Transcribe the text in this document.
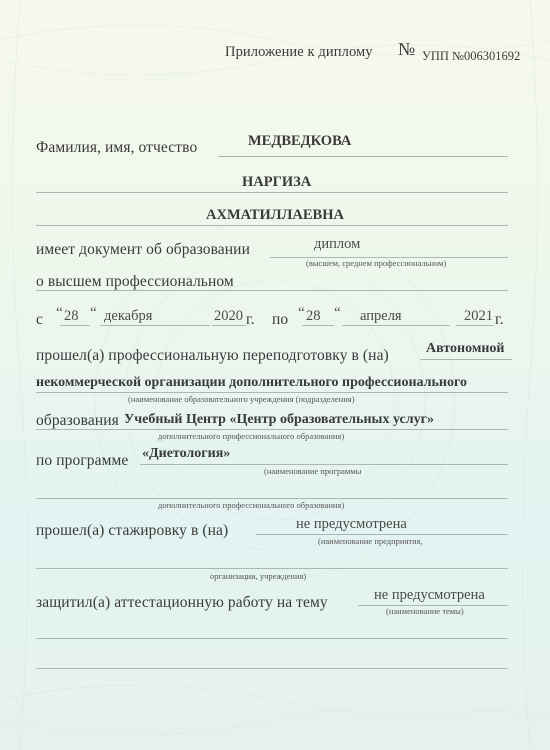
Приложение к диплому № УПП №006301692
Фамилия, имя, отчество	МЕДВЕДКОВА
НАРГИЗА
АХМАТИЛЛАЕВНА
имеет документ об образовании	диплом
(высшем, среднем профессиональном)
о высшем профессиональном
с “ 28 “ декабря	2020 г. по “ 28 “ апреля	2021 г.
прошел(а) профессиональную переподготовку в (на)	Автономной
некоммерческой организации дополнительного профессионального
(наименование образовательного учреждения (подразделения)
образования Учебный Центр «Центр образовательных услуг»
дополнительного профессионального образования)
по программе «Диетология»
(наименование программы
дополнительного профессионального образования)
прошел(а) стажировку в (на)	не предусмотрена
(наименование предприятия,
организации, учреждения)
защитил(а) аттестационную работу на тему	не предусмотрена
(наименование темы)
